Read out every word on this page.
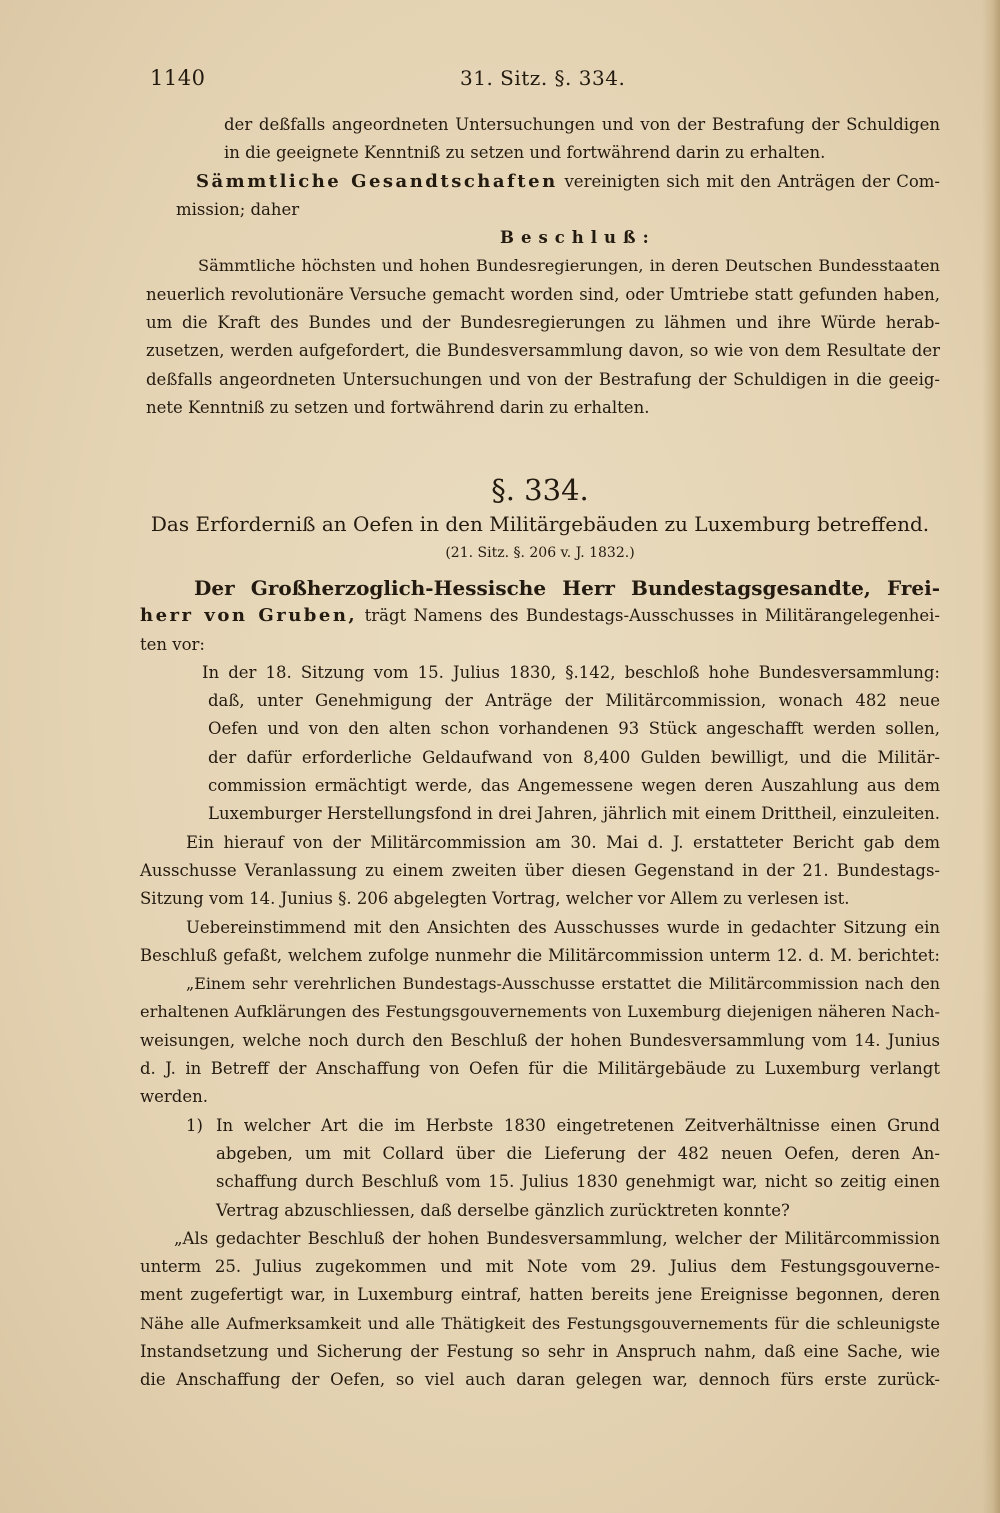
1140	31. Sitz. §. 334.
der deßfalls angeordneten Untersuchungen und von der Bestrafung der Schuldigen
in die geeignete Kenntniß zu setzen und fortwährend darin zu erhalten.
Sämmtliche Gesandtschaften vereinigten sich mit den Anträgen der Com-
mission; daher
Beschluß:
Sämmtliche höchsten und hohen Bundesregierungen, in deren Deutschen Bundesstaaten
neuerlich revolutionäre Versuche gemacht worden sind, oder Umtriebe statt gefunden haben,
um die Kraft des Bundes und der Bundesregierungen zu lähmen und ihre Würde herab-
zusetzen, werden aufgefordert, die Bundesversammlung davon, so wie von dem Resultate der
deßfalls angeordneten Untersuchungen und von der Bestrafung der Schuldigen in die geeig-
nete Kenntniß zu setzen und fortwährend darin zu erhalten.
§. 334.
Das Erforderniß an Oefen in den Militärgebäuden zu Luxemburg betreffend.
(21. Sitz. §. 206 v. J. 1832.)
Der Großherzoglich-Hessische Herr Bundestagsgesandte, Frei-
herr von Gruben, trägt Namens des Bundestags-Ausschusses in Militärangelegenhei-
ten vor:
In der 18. Sitzung vom 15. Julius 1830, §.142, beschloß hohe Bundesversammlung:
daß, unter Genehmigung der Anträge der Militärcommission, wonach 482 neue
Oefen und von den alten schon vorhandenen 93 Stück angeschafft werden sollen,
der dafür erforderliche Geldaufwand von 8,400 Gulden bewilligt, und die Militär-
commission ermächtigt werde, das Angemessene wegen deren Auszahlung aus dem
Luxemburger Herstellungsfond in drei Jahren, jährlich mit einem Drittheil, einzuleiten.
Ein hierauf von der Militärcommission am 30. Mai d. J. erstatteter Bericht gab dem
Ausschusse Veranlassung zu einem zweiten über diesen Gegenstand in der 21. Bundestags-
Sitzung vom 14. Junius §. 206 abgelegten Vortrag, welcher vor Allem zu verlesen ist.
Uebereinstimmend mit den Ansichten des Ausschusses wurde in gedachter Sitzung ein
Beschluß gefaßt, welchem zufolge nunmehr die Militärcommission unterm 12. d. M. berichtet:
„Einem sehr verehrlichen Bundestags-Ausschusse erstattet die Militärcommission nach den
erhaltenen Aufklärungen des Festungsgouvernements von Luxemburg diejenigen näheren Nach-
weisungen, welche noch durch den Beschluß der hohen Bundesversammlung vom 14. Junius
d. J. in Betreff der Anschaffung von Oefen für die Militärgebäude zu Luxemburg verlangt
werden.
1) In welcher Art die im Herbste 1830 eingetretenen Zeitverhältnisse einen Grund
abgeben, um mit Collard über die Lieferung der 482 neuen Oefen, deren An-
schaffung durch Beschluß vom 15. Julius 1830 genehmigt war, nicht so zeitig einen
Vertrag abzuschliessen, daß derselbe gänzlich zurücktreten konnte?
„Als gedachter Beschluß der hohen Bundesversammlung, welcher der Militärcommission
unterm 25. Julius zugekommen und mit Note vom 29. Julius dem Festungsgouverne-
ment zugefertigt war, in Luxemburg eintraf, hatten bereits jene Ereignisse begonnen, deren
Nähe alle Aufmerksamkeit und alle Thätigkeit des Festungsgouvernements für die schleunigste
Instandsetzung und Sicherung der Festung so sehr in Anspruch nahm, daß eine Sache, wie
die Anschaffung der Oefen, so viel auch daran gelegen war, dennoch fürs erste zurück-
